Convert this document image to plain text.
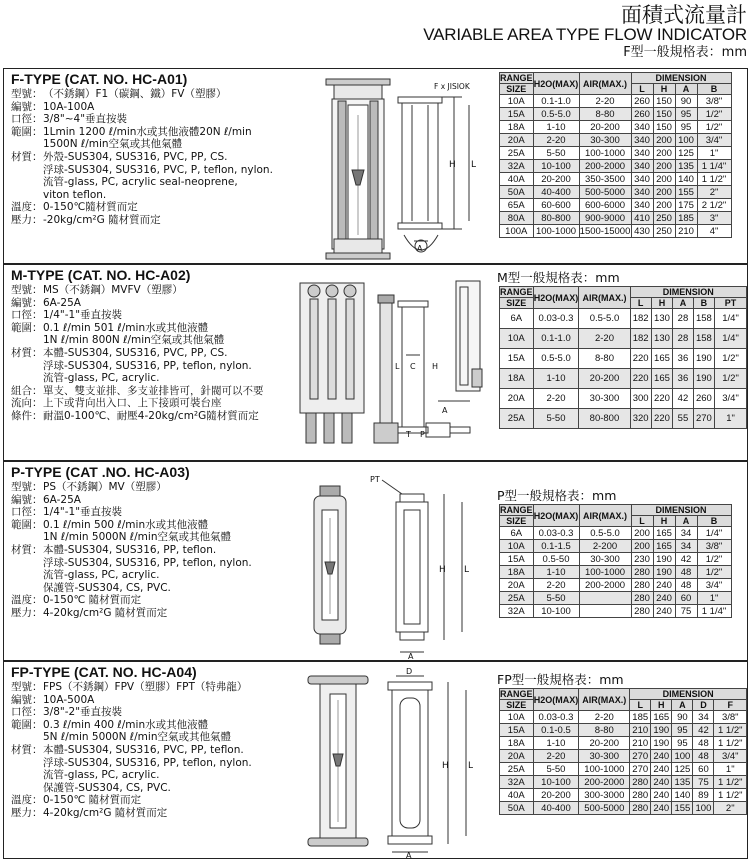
面積式流量計
VARIABLE AREA TYPE FLOW INDICATOR
F型一般規格表：mm
F-TYPE (CAT. NO. HC-A01)
型號： （不銹鋼）F1（碳鋼、鐵）FV（塑膠）
編號： 10A-100A
口徑： 3/8"~4"垂直按裝
範圍： 1Lmin 1200 ℓ/min水或其他液體20N ℓ/min
1500N ℓ/min空氣或其他氣體
材質： 外殼-SUS304, SUS316, PVC, PP, CS.
浮球-SUS304, SUS316, PVC, P, teflon, nylon.
流管-glass, PC, acrylic seal-neoprene,
viton teflon.
溫度： 0-150℃隨材質而定
壓力： -20kg/cm²G 隨材質而定
H L
A
F x JISIOK
RANGE	H2O(MAX)	AIR(MAX.)	DIMENSION			
SIZE			L	H	A	B
10A	0.1-1.0	2-20	260	150	90	3/8"
15A	0.5-5.0	8-80	260	150	95	1/2"
18A	1-10	20-200	340	150	95	1/2"
20A	2-20	30-300	340	200	100	3/4"
25A	5-50	100-1000	340	200	125	1"
32A	10-100	200-2000	340	200	135	1 1/4"
40A	20-200	350-3500	340	200	140	1 1/2"
50A	40-400	500-5000	340	200	155	2"
65A	60-600	600-6000	340	200	175	2 1/2"
80A	80-800	900-9000	410	250	185	3"
100A	100-1000	1500-15000	430	250	210	4"
M-TYPE (CAT. NO. HC-A02)
型號： MS（不銹鋼）MVFV（塑膠）
編號： 6A-25A
口徑： 1/4"-1"垂直按裝
範圍： 0.1 ℓ/min 501 ℓ/min水或其他液體
1N ℓ/min 800N ℓ/min空氣或其他氣體
材質： 本體-SUS304, SUS316, PVC, PP, CS.
浮球-SUS304, SUS316, PP, teflon, nylon.
流管-glass, PC, acrylic.
組合： 單支、雙支並排、多支並排皆可，針閥可以不要
流向： 上下或背向出入口、上下接頭可裝台座
條件： 耐溫0-100℃、耐壓4-20kg/cm²G隨材質而定
L C H
A
P
T
M型一般規格表：mm
RANGE	H2O(MAX)	AIR(MAX.)	DIMENSION				
SIZE			L	H	A	B	PT
6A	0.03-0.3	0.5-5.0	182	130	28	158	1/4"
10A	0.1-1.0	2-20	182	130	28	158	1/4"
15A	0.5-5.0	8-80	220	165	36	190	1/2"
18A	1-10	20-200	220	165	36	190	1/2"
20A	2-20	30-300	300	220	42	260	3/4"
25A	5-50	80-800	320	220	55	270	1"
P-TYPE (CAT .NO. HC-A03)
型號： PS（不銹鋼）MV（塑膠）
編號： 6A-25A
口徑： 1/4"-1"垂直按裝
範圍： 0.1 ℓ/min 500 ℓ/min水或其他液體
1N ℓ/min 5000N ℓ/min空氣或其他氣體
材質： 本體-SUS304, SUS316, PP, teflon.
浮球-SUS304, SUS316, PP, teflon, nylon.
流管-glass, PC, acrylic.
保護管-SUS304, CS, PVC.
溫度： 0-150℃ 隨材質而定
壓力： 4-20kg/cm²G 隨材質而定
PT
H L
A
P型一般規格表：mm
RANGE	H2O(MAX)	AIR(MAX.)	DIMENSION			
SIZE			L	H	A	B
6A	0.03-0.3	0.5-5.0	200	165	34	1/4"
10A	0.1-1.5	2-200	200	165	34	3/8"
15A	0.5-50	30-300	230	190	42	1/2"
18A	1-10	100-1000	280	190	48	1/2"
20A	2-20	200-2000	280	240	48	3/4"
25A	5-50		280	240	60	1"
32A	10-100		280	240	75	1 1/4"
FP-TYPE (CAT. NO. HC-A04)
型號： FPS（不銹鋼）FPV（塑膠）FPT（特弗龍）
編號： 10A-500A
口徑： 3/8"-2"垂直按裝
範圍： 0.3 ℓ/min 400 ℓ/min水或其他液體
5N ℓ/min 5000N ℓ/min空氣或其他氣體
材質： 本體-SUS304, SUS316, PVC, PP, teflon.
浮球-SUS304, SUS316, PP, teflon, nylon.
流管-glass, PC, acrylic.
保護管-SUS304, CS, PVC.
溫度： 0-150℃ 隨材質而定
壓力： 4-20kg/cm²G 隨材質而定
D
H L
A
FP型一般規格表：mm
RANGE	H2O(MAX)	AIR(MAX.)	DIMENSION				
SIZE			L	H	A	D	F
10A	0.03-0.3	2-20	185	165	90	34	3/8"
15A	0.1-0.5	8-80	210	190	95	42	1 1/2"
18A	1-10	20-200	210	190	95	48	1 1/2"
20A	2-20	30-300	270	240	100	48	3/4"
25A	5-50	100-1000	270	240	125	60	1"
32A	10-100	200-2000	280	240	135	75	1 1/2"
40A	20-200	300-3000	280	240	140	89	1 1/2"
50A	40-400	500-5000	280	240	155	100	2"
